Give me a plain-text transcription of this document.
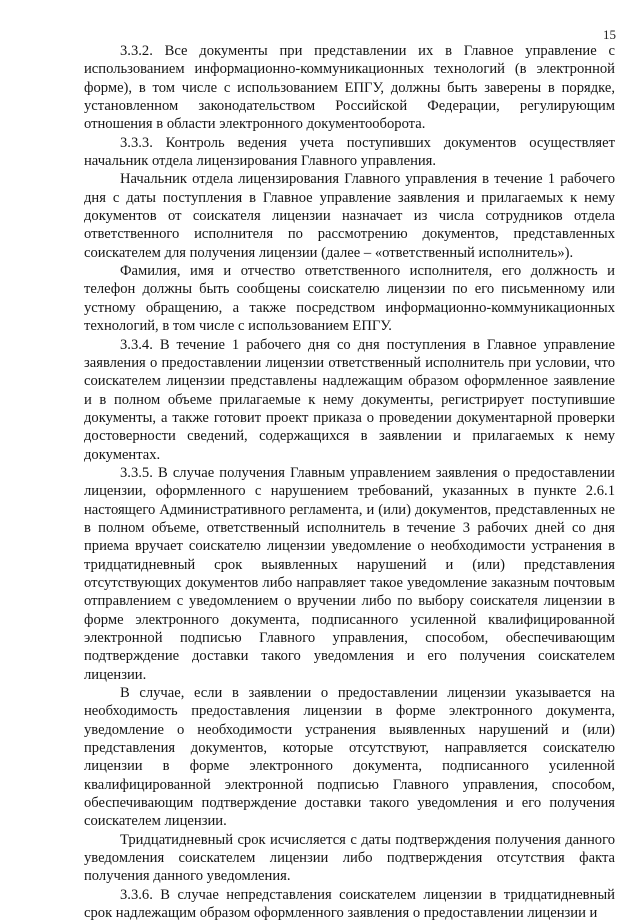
15

3.3.2. Все документы при представлении их в Главное управление с использованием информационно-коммуникационных технологий (в электронной форме), в том числе с использованием ЕПГУ, должны быть заверены в порядке, установленном законодательством Российской Федерации, регулирующим отношения в области электронного документооборота.

3.3.3. Контроль ведения учета поступивших документов осуществляет начальник отдела лицензирования Главного управления.

Начальник отдела лицензирования Главного управления в течение 1 рабочего дня с даты поступления в Главное управление заявления и прилагаемых к нему документов от соискателя лицензии назначает из числа сотрудников отдела ответственного исполнителя по рассмотрению документов, представленных соискателем для получения лицензии (далее – «ответственный исполнитель»).

Фамилия, имя и отчество ответственного исполнителя, его должность и телефон должны быть сообщены соискателю лицензии по его письменному или устному обращению, а также посредством информационно-коммуникационных технологий, в том числе с использованием ЕПГУ.

3.3.4. В течение 1 рабочего дня со дня поступления в Главное управление заявления о предоставлении лицензии ответственный исполнитель при условии, что соискателем лицензии представлены надлежащим образом оформленное заявление и в полном объеме прилагаемые к нему документы, регистрирует поступившие документы, а также готовит проект приказа о проведении документарной проверки достоверности сведений, содержащихся в заявлении и прилагаемых к нему документах.

3.3.5. В случае получения Главным управлением заявления о предоставлении лицензии, оформленного с нарушением требований, указанных в пункте 2.6.1 настоящего Административного регламента, и (или) документов, представленных не в полном объеме, ответственный исполнитель в течение 3 рабочих дней со дня приема вручает соискателю лицензии уведомление о необходимости устранения в тридцатидневный срок выявленных нарушений и (или) представления отсутствующих документов либо направляет такое уведомление заказным почтовым отправлением с уведомлением о вручении либо по выбору соискателя лицензии в форме электронного документа, подписанного усиленной квалифицированной электронной подписью Главного управления, способом, обеспечивающим подтверждение доставки такого уведомления и его получения соискателем лицензии.

В случае, если в заявлении о предоставлении лицензии указывается на необходимость предоставления лицензии в форме электронного документа, уведомление о необходимости устранения выявленных нарушений и (или) представления документов, которые отсутствуют, направляется соискателю лицензии в форме электронного документа, подписанного усиленной квалифицированной электронной подписью Главного управления, способом, обеспечивающим подтверждение доставки такого уведомления и его получения соискателем лицензии.

Тридцатидневный срок исчисляется с даты подтверждения получения данного уведомления соискателем лицензии либо подтверждения отсутствия факта получения данного уведомления.

3.3.6. В случае непредставления соискателем лицензии в тридцатидневный срок надлежащим образом оформленного заявления о предоставлении лицензии и
